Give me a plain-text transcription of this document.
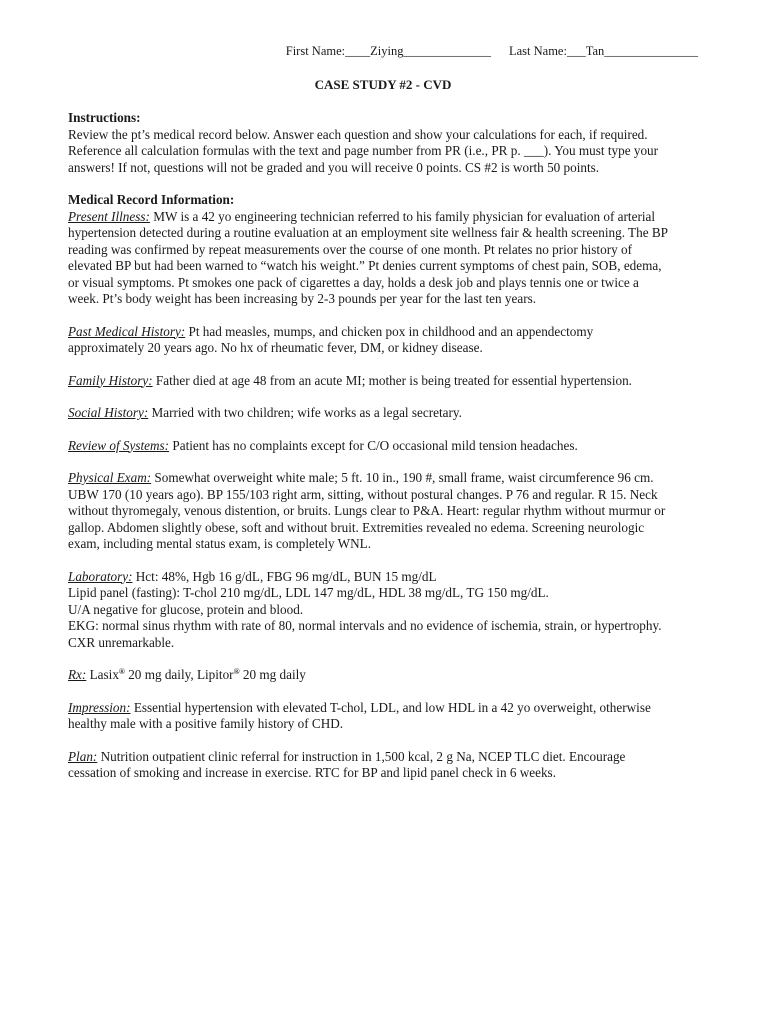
First Name:____Ziying______________ Last Name:___Tan_______________
CASE STUDY #2 - CVD
Instructions:

Review the pt’s medical record below. Answer each question and show your calculations for each, if required.
Reference all calculation formulas with the text and page number from PR (i.e., PR p. ___). You must type your
answers! If not, questions will not be graded and you will receive 0 points. CS #2 is worth 50 points.

Medical Record Information:

Present Illness: MW is a 42 yo engineering technician referred to his family physician for evaluation of arterial
hypertension detected during a routine evaluation at an employment site wellness fair & health screening. The BP
reading was confirmed by repeat measurements over the course of one month. Pt relates no prior history of
elevated BP but had been warned to “watch his weight.” Pt denies current symptoms of chest pain, SOB, edema,
or visual symptoms. Pt smokes one pack of cigarettes a day, holds a desk job and plays tennis one or twice a
week. Pt’s body weight has been increasing by 2-3 pounds per year for the last ten years.

Past Medical History: Pt had measles, mumps, and chicken pox in childhood and an appendectomy
approximately 20 years ago. No hx of rheumatic fever, DM, or kidney disease.

Family History: Father died at age 48 from an acute MI; mother is being treated for essential hypertension.

Social History: Married with two children; wife works as a legal secretary.

Review of Systems: Patient has no complaints except for C/O occasional mild tension headaches.

Physical Exam: Somewhat overweight white male; 5 ft. 10 in., 190 #, small frame, waist circumference 96 cm.
UBW 170 (10 years ago). BP 155/103 right arm, sitting, without postural changes. P 76 and regular. R 15. Neck
without thyromegaly, venous distention, or bruits. Lungs clear to P&A. Heart: regular rhythm without murmur or
gallop. Abdomen slightly obese, soft and without bruit. Extremities revealed no edema. Screening neurologic
exam, including mental status exam, is completely WNL.

Laboratory: Hct: 48%, Hgb 16 g/dL, FBG 96 mg/dL, BUN 15 mg/dL
Lipid panel (fasting): T-chol 210 mg/dL, LDL 147 mg/dL, HDL 38 mg/dL, TG 150 mg/dL.
U/A negative for glucose, protein and blood.
EKG: normal sinus rhythm with rate of 80, normal intervals and no evidence of ischemia, strain, or hypertrophy.
CXR unremarkable.

Rx: Lasix® 20 mg daily, Lipitor® 20 mg daily

Impression: Essential hypertension with elevated T-chol, LDL, and low HDL in a 42 yo overweight, otherwise
healthy male with a positive family history of CHD.

Plan: Nutrition outpatient clinic referral for instruction in 1,500 kcal, 2 g Na, NCEP TLC diet. Encourage
cessation of smoking and increase in exercise. RTC for BP and lipid panel check in 6 weeks.
